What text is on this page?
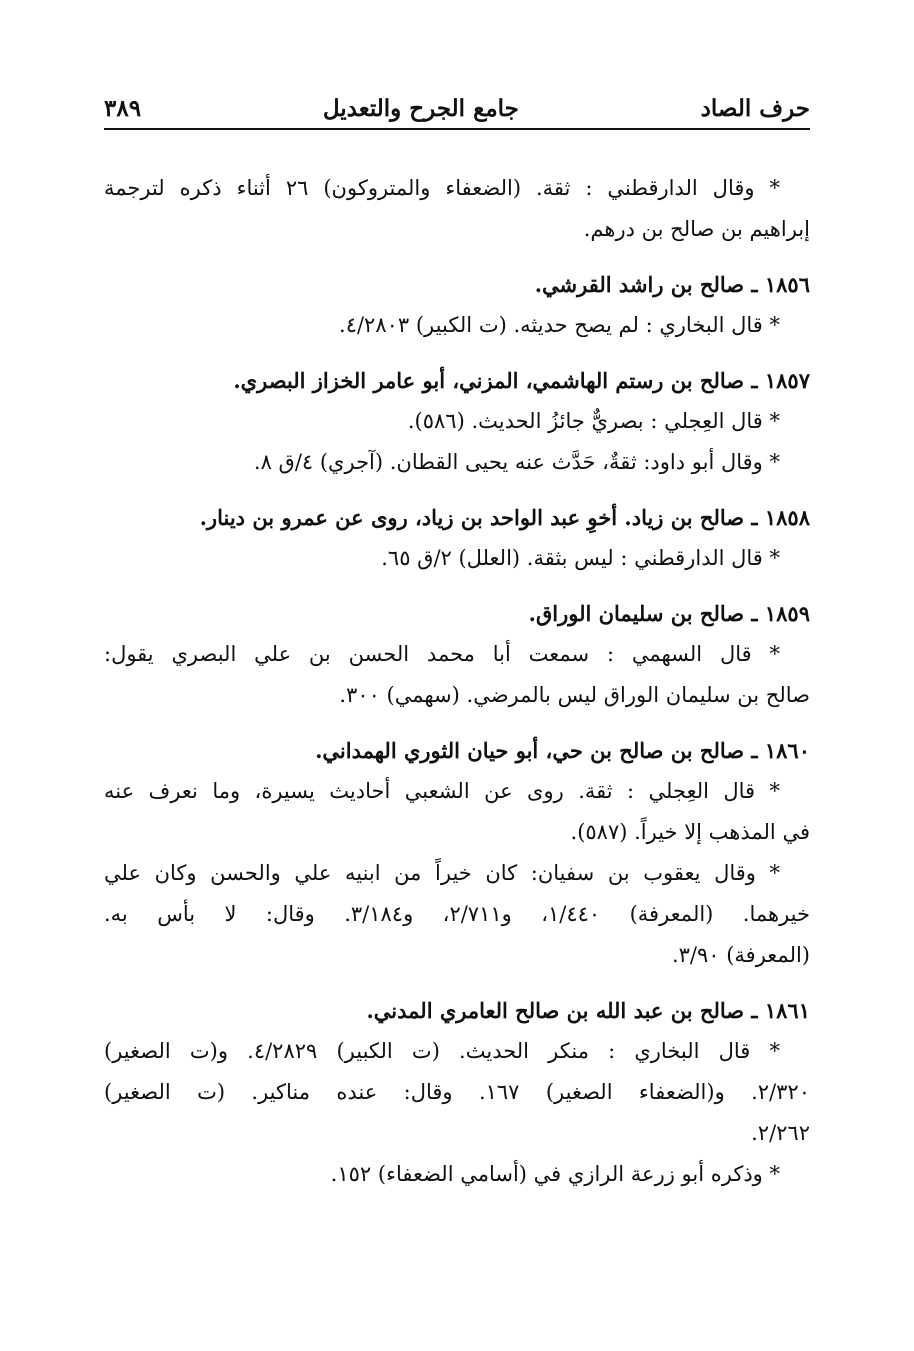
حرف الصاد
جامع الجرح والتعديل
٣٨٩
* وقال الدارقطني : ثقة. (الضعفاء والمتروكون) ٢٦ أثناء ذكره لترجمة
إبراهيم بن صالح بن درهم.
١٨٥٦ ـ صالح بن راشد القرشي.
* قال البخاري : لم يصح حديثه. (ت الكبير) ٤/٢٨٠٣.
١٨٥٧ ـ صالح بن رستم الهاشمي، المزني، أبو عامر الخزاز البصري.
* قال العِجلي : بصريٌّ جائزُ الحديث. (٥٨٦).
* وقال أبو داود: ثقةٌ، حَدَّث عنه يحيى القطان. (آجري) ٤/ق ٨.
١٨٥٨ ـ صالح بن زياد. أخوِ عبد الواحد بن زياد، روى عن عمرو بن دينار.
* قال الدارقطني : ليس بثقة. (العلل) ٢/ق ٦٥.
١٨٥٩ ـ صالح بن سليمان الوراق.
* قال السهمي : سمعت أبا محمد الحسن بن علي البصري يقول:
صالح بن سليمان الوراق ليس بالمرضي. (سهمي) ٣٠٠.
١٨٦٠ ـ صالح بن صالح بن حي، أبو حيان الثوري الهمداني.
* قال العِجلي : ثقة. روى عن الشعبي أحاديث يسيرة، وما نعرف عنه
في المذهب إلا خيراً. (٥٨٧).
* وقال يعقوب بن سفيان: كان خيراً من ابنيه علي والحسن وكان علي
خيرهما. (المعرفة) ١/٤٤٠، و٢/٧١١، و٣/١٨٤. وقال: لا بأس به.
(المعرفة) ٣/٩٠.
١٨٦١ ـ صالح بن عبد الله بن صالح العامري المدني.
* قال البخاري : منكر الحديث. (ت الكبير) ٤/٢٨٢٩. و(ت الصغير)
٢/٣٢٠. و(الضعفاء الصغير) ١٦٧. وقال: عنده مناكير. (ت الصغير)
٢/٢٦٢.
* وذكره أبو زرعة الرازي في (أسامي الضعفاء) ١٥٢.
